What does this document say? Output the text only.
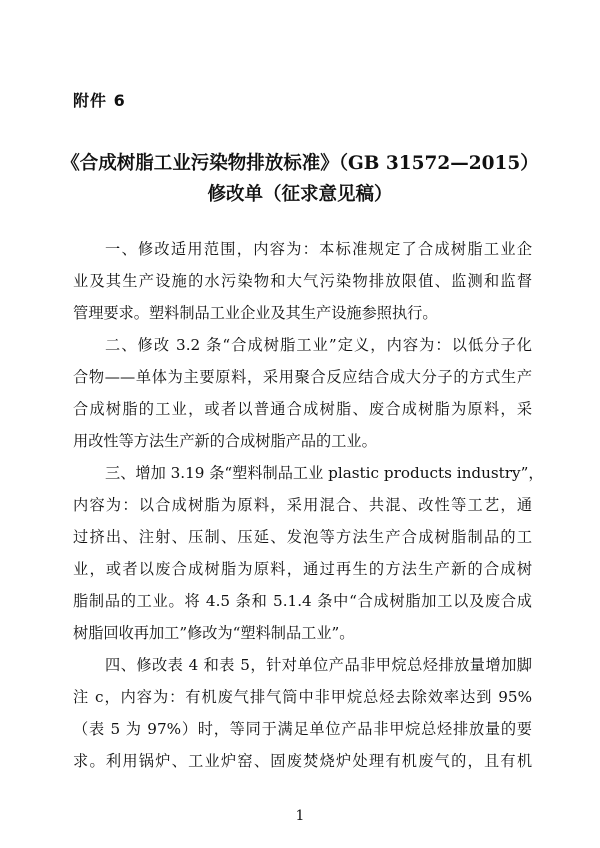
附件 6
《合成树脂工业污染物排放标准》（GB 31572—2015）
修改单（征求意见稿）
一、修改适用范围，内容为：本标准规定了合成树脂工业企
业及其生产设施的水污染物和大气污染物排放限值、监测和监督
管理要求。塑料制品工业企业及其生产设施参照执行。
二、修改 3.2 条“合成树脂工业”定义，内容为：以低分子化
合物——单体为主要原料，采用聚合反应结合成大分子的方式生产
合成树脂的工业，或者以普通合成树脂、废合成树脂为原料，采
用改性等方法生产新的合成树脂产品的工业。
三、增加 3.19 条“塑料制品工业 plastic products industry”，
内容为：以合成树脂为原料，采用混合、共混、改性等工艺，通
过挤出、注射、压制、压延、发泡等方法生产合成树脂制品的工
业，或者以废合成树脂为原料，通过再生的方法生产新的合成树
脂制品的工业。将 4.5 条和 5.1.4 条中“合成树脂加工以及废合成
树脂回收再加工”修改为“塑料制品工业”。
四、修改表 4 和表 5，针对单位产品非甲烷总烃排放量增加脚
注 c，内容为：有机废气排气筒中非甲烷总烃去除效率达到 95%
（表 5 为 97%）时，等同于满足单位产品非甲烷总烃排放量的要
求。利用锅炉、工业炉窑、固废焚烧炉处理有机废气的，且有机
1
